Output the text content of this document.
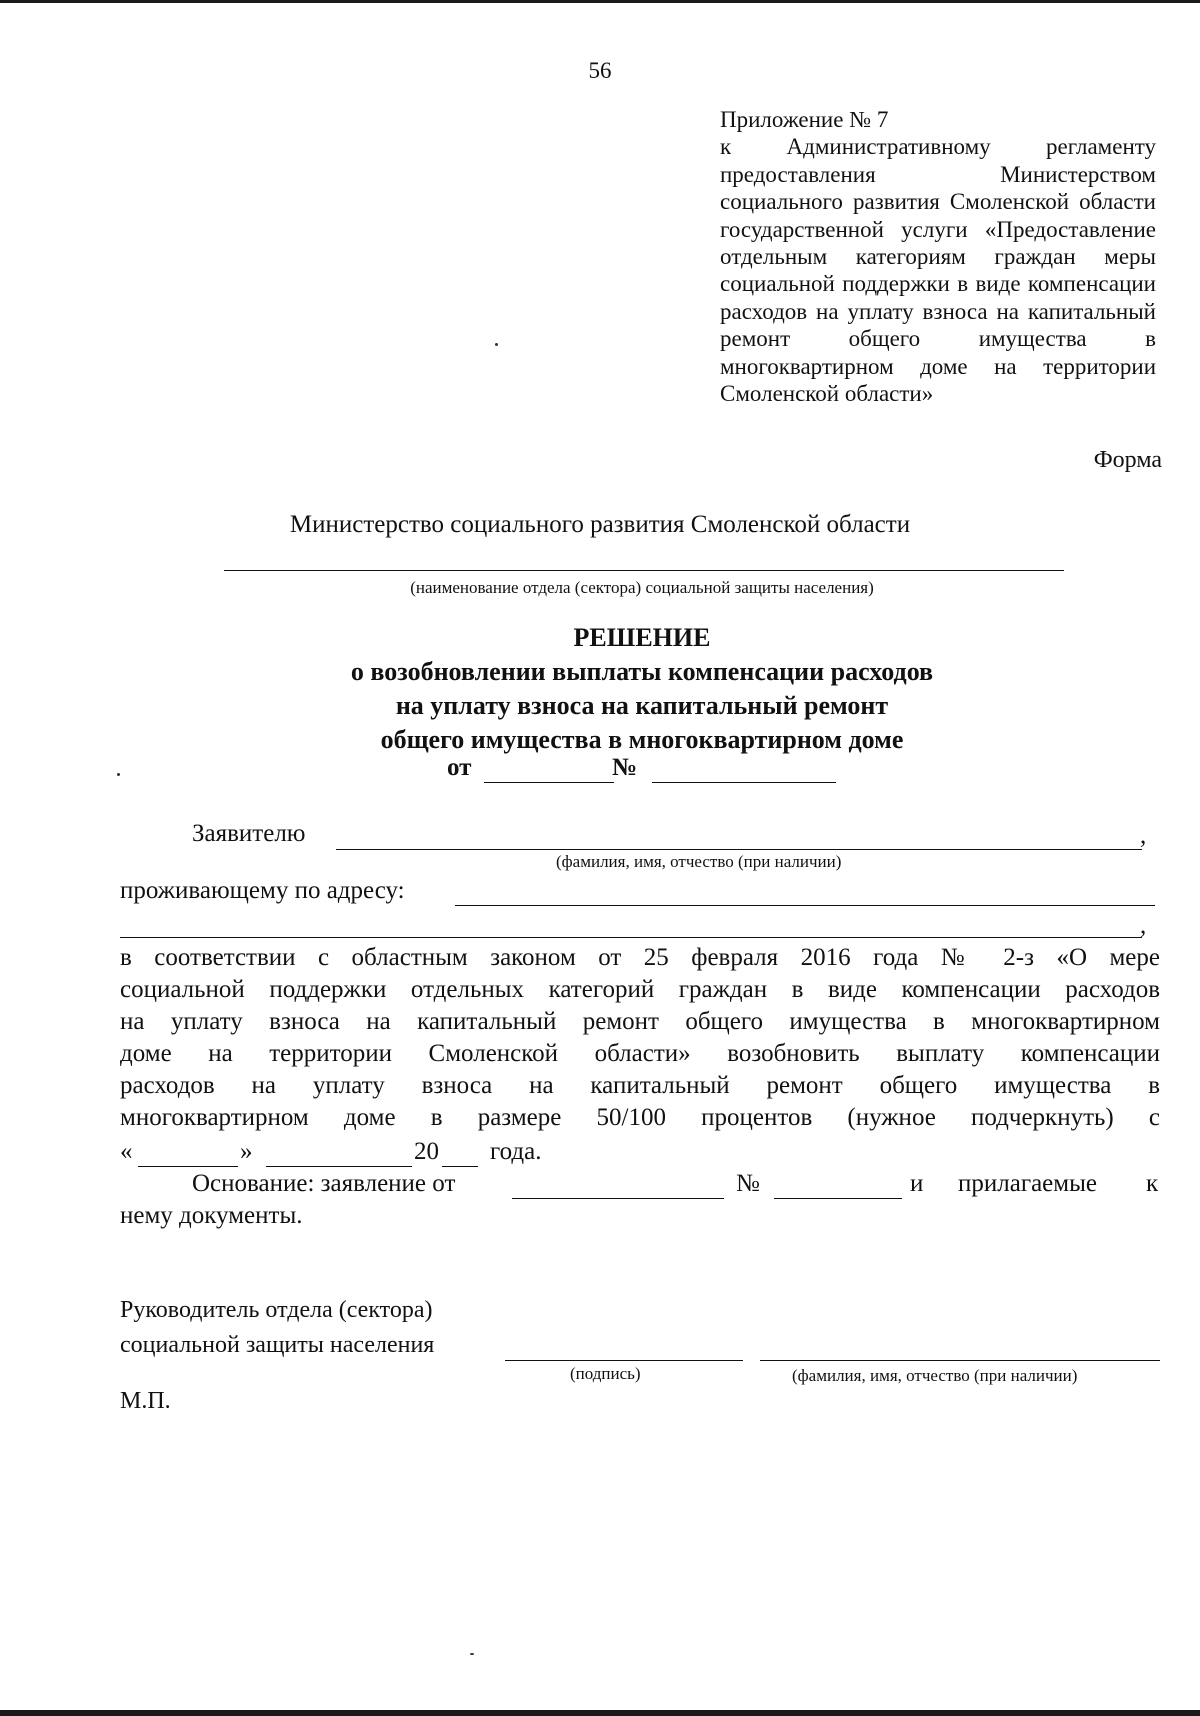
56
Приложение № 7
к Административному регламенту предоставления Министерством социального развития Смоленской области государственной услуги «Предоставление отдельным категориям граждан меры социальной поддержки в виде компенсации расходов на уплату взноса на капитальный ремонт общего имущества в многоквартирном доме на территории Смоленской области»
Форма
Министерство социального развития Смоленской области
(наименование отдела (сектора) социальной защиты населения)
РЕШЕНИЕ
о возобновлении выплаты компенсации расходов
на уплату взноса на капитальный ремонт
общего имущества в многоквартирном доме
от	№
Заявителю	,
(фамилия, имя, отчество (при наличии)
проживающему по адресу:
,
в соответствии с областным законом от 25 февраля 2016 года № 2-з «О мере
социальной поддержки отдельных категорий граждан в виде компенсации расходов
на уплату взноса на капитальный ремонт общего имущества в многоквартирном
доме на территории Смоленской области» возобновить выплату компенсации
расходов на уплату взноса на капитальный ремонт общего имущества в
многоквартирном доме в размере 50/100 процентов (нужное подчеркнуть) с
«	»	20 года.
Основание: заявление от	№	и прилагаемые к
нему документы.
Руководитель отдела (сектора)
социальной защиты населения
(подпись)	(фамилия, имя, отчество (при наличии)
М.П.
